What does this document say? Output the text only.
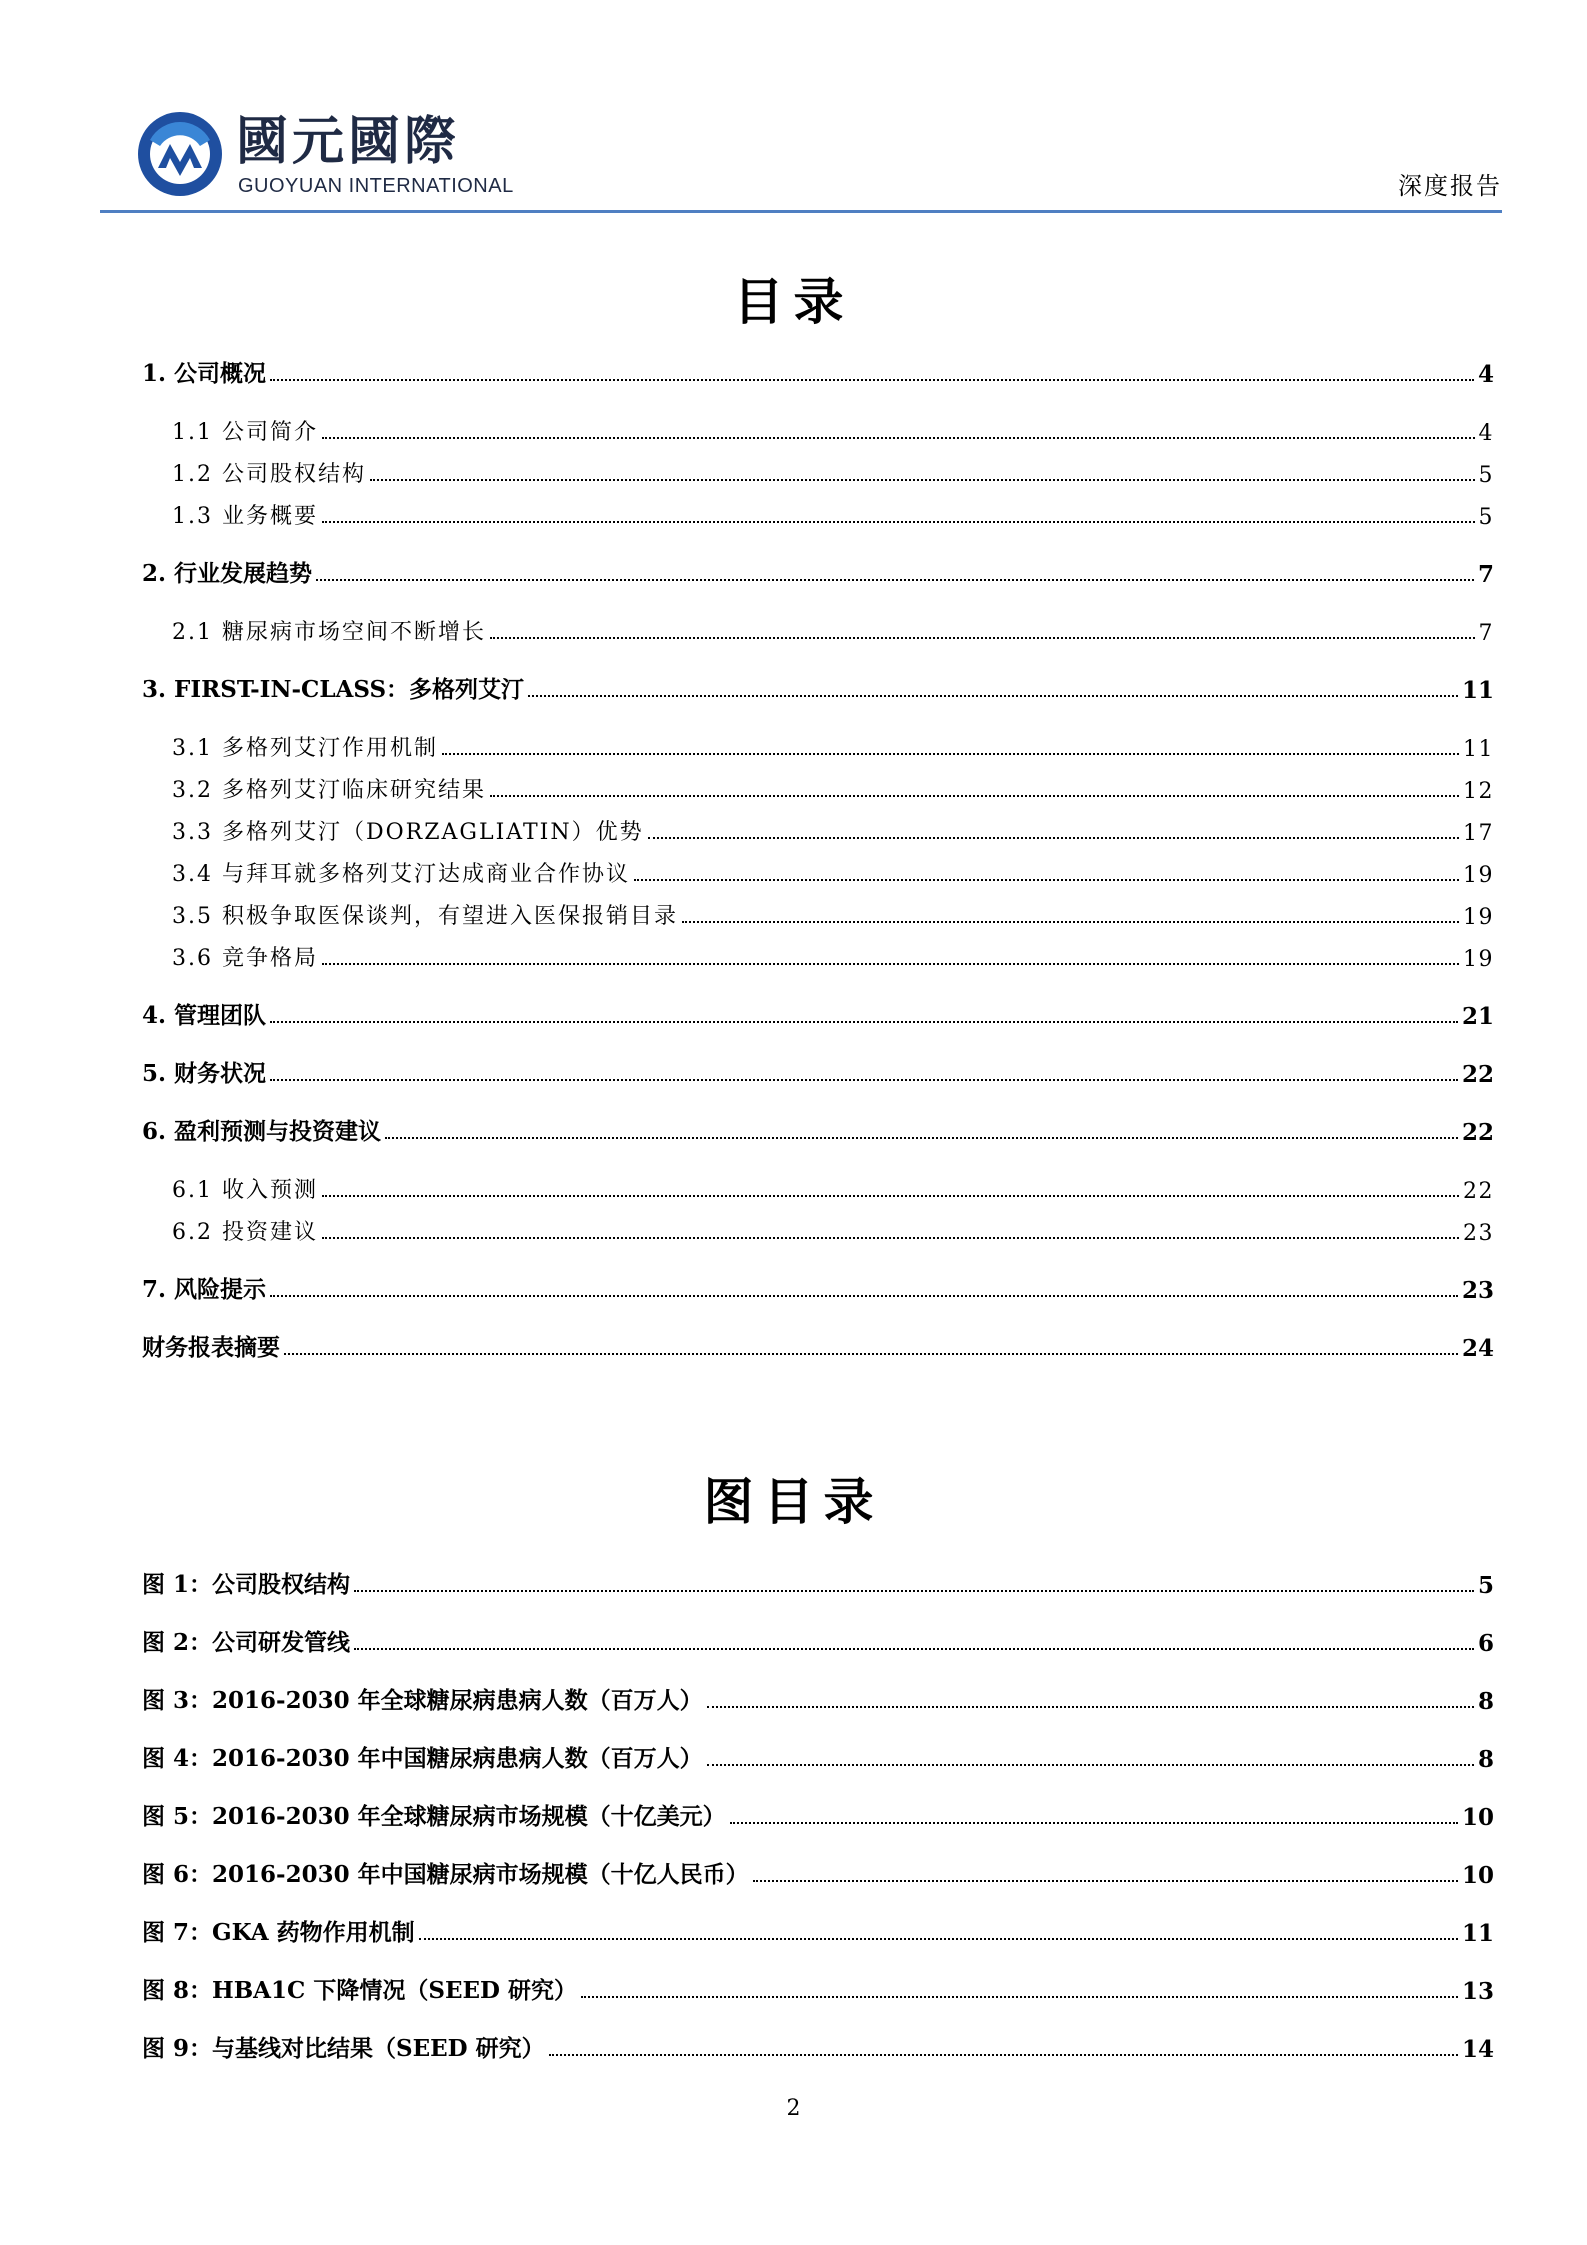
國元國際
GUOYUAN INTERNATIONAL	深度报告
目录
1. 公司概况	4
1.1 公司简介	4
1.2 公司股权结构	5
1.3 业务概要	5
2. 行业发展趋势	7
2.1 糖尿病市场空间不断增长	7
3. FIRST-IN-CLASS：多格列艾汀	11
3.1 多格列艾汀作用机制	11
3.2 多格列艾汀临床研究结果	12
3.3 多格列艾汀（DORZAGLIATIN）优势	17
3.4 与拜耳就多格列艾汀达成商业合作协议	19
3.5 积极争取医保谈判，有望进入医保报销目录	19
3.6 竞争格局	19
4. 管理团队	21
5. 财务状况	22
6. 盈利预测与投资建议	22
6.1 收入预测	22
6.2 投资建议	23
7. 风险提示	23
财务报表摘要	24
图目录
图 1：公司股权结构	5
图 2：公司研发管线	6
图 3：2016-2030 年全球糖尿病患病人数（百万人）	8
图 4：2016-2030 年中国糖尿病患病人数（百万人）	8
图 5：2016-2030 年全球糖尿病市场规模（十亿美元）	10
图 6：2016-2030 年中国糖尿病市场规模（十亿人民币）	10
图 7：GKA 药物作用机制	11
图 8：HBA1C 下降情况（SEED 研究）	13
图 9：与基线对比结果（SEED 研究）	14
2
